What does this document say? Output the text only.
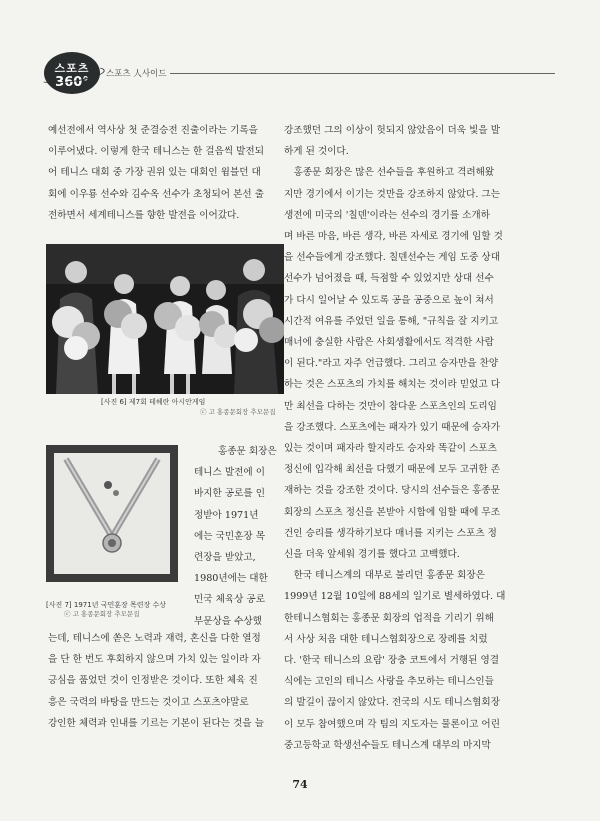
스포츠
360°
스포츠 人사이드

예선전에서 역사상 첫 준결승전 진출이라는 기록을

이루어냈다. 이렇게 한국 테니스는 한 걸음씩 발전되

어 테니스 대회 중 가장 권위 있는 대회인 윔블던 대

회에 이우룡 선수와 김수옥 선수가 초청되어 본선 출

전하면서 세계테니스를 향한 발전을 이어갔다.

[사진 6] 제7회 테헤란 아시안게임
ⓒ 고 홍종문회장 추모문집
[사진 7] 1971년 국민훈장 목련장 수상
ⓒ 고 홍종문회장 추모문집

홍종문 회장은

테니스 발전에 이

바지한 공로를 인

정받아 1971년

에는 국민훈장 목

련장을 받았고,

1980년에는 대한

민국 체육상 공로

부문상을 수상했

는데, 테니스에 쏟은 노력과 재력, 혼신을 다한 열정

을 단 한 번도 후회하지 않으며 가치 있는 일이라 자

긍심을 품었던 것이 인정받은 것이다. 또한 체육 진

흥은 국력의 바탕을 만드는 것이고 스포츠야말로

강인한 체력과 인내를 기르는 기본이 된다는 것을 늘

강조했던 그의 이상이 헛되지 않았음이 더욱 빛을 발

하게 된 것이다.

　홍종문 회장은 많은 선수들을 후원하고 격려해왔

지만 경기에서 이기는 것만을 강조하지 않았다. 그는

생전에 미국의 '칠덴'이라는 선수의 경기를 소개하

며 바른 마음, 바른 생각, 바른 자세로 경기에 임할 것

을 선수들에게 강조했다. 칠덴선수는 게임 도중 상대

선수가 넘어졌을 때, 득점할 수 있었지만 상대 선수

가 다시 일어날 수 있도록 공을 공중으로 높이 쳐서

시간적 여유를 주었던 일을 통해, "규칙을 잘 지키고

매너에 충실한 사람은 사회생활에서도 적격한 사람

이 된다."라고 자주 언급했다. 그리고 승자만을 찬양

하는 것은 스포츠의 가치를 해치는 것이라 믿었고 다

만 최선을 다하는 것만이 참다운 스포츠인의 도리임

을 강조했다. 스포츠에는 패자가 있기 때문에 승자가

있는 것이며 패자라 할지라도 승자와 똑같이 스포츠

정신에 입각해 최선을 다했기 때문에 모두 고귀한 존

재하는 것을 강조한 것이다. 당시의 선수들은 홍종문

회장의 스포츠 정신을 본받아 시합에 임할 때에 무조

건인 승리를 생각하기보다 매너를 지키는 스포츠 정

신을 더욱 앞세워 경기를 했다고 고백했다.

　한국 테니스계의 대부로 불리던 홍종문 회장은

1999년 12월 10일에 88세의 일기로 별세하였다. 대

한테니스협회는 홍종문 회장의 업적을 기리기 위해

서 사상 처음 대한 테니스협회장으로 장례를 치렀

다. '한국 테니스의 요람' 장충 코트에서 거행된 영결

식에는 고인의 테니스 사랑을 추모하는 테니스인들

의 발길이 끊이지 않았다. 전국의 시도 테니스협회장

이 모두 참여했으며 각 팀의 지도자는 물론이고 어린

중고등학교 학생선수들도 테니스계 대부의 마지막

74
